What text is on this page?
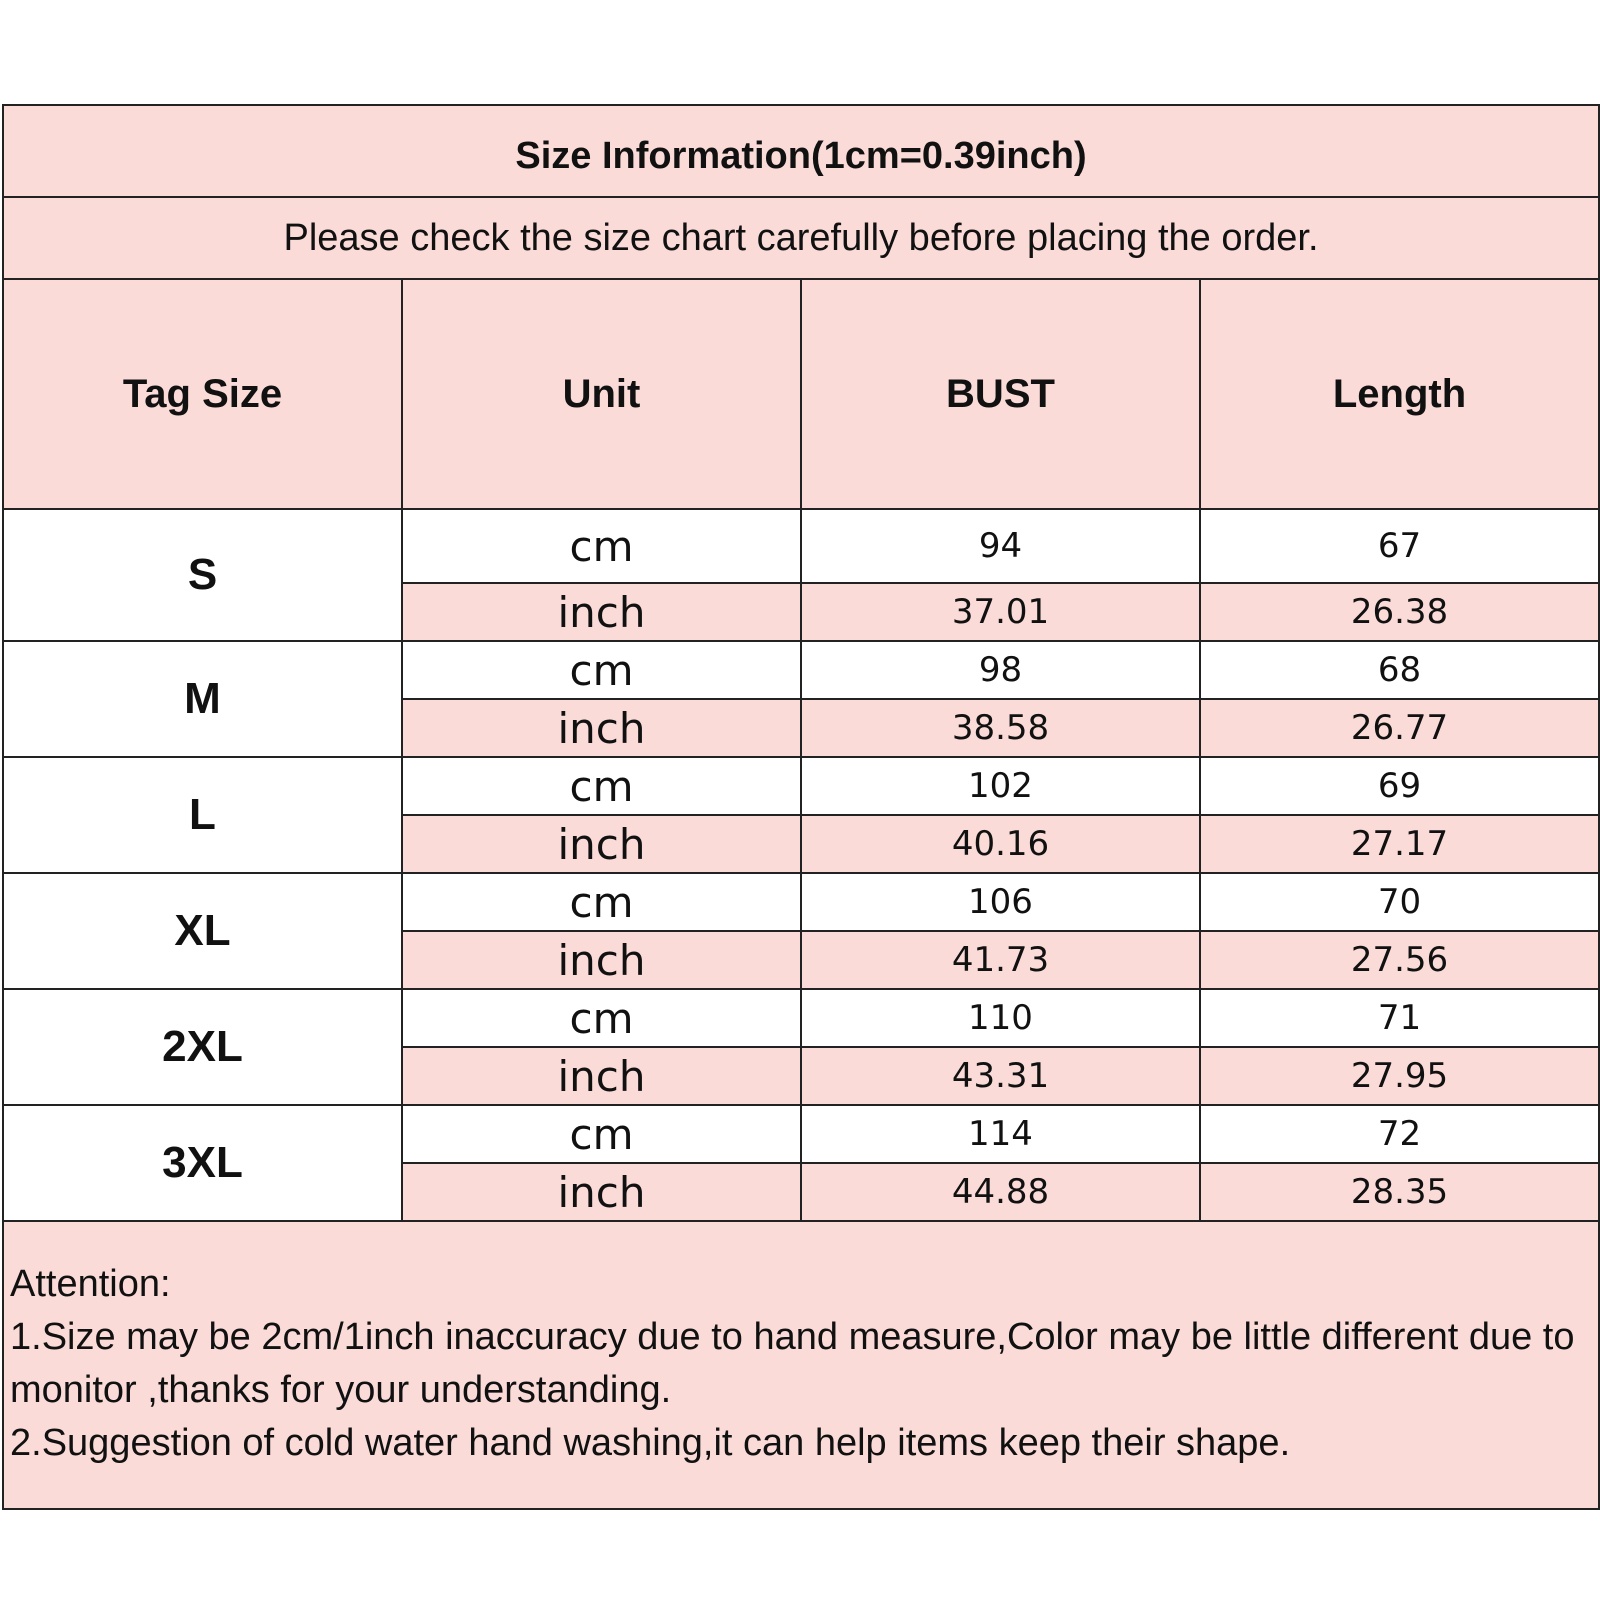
Size Information(1cm=0.39inch)			
Please check the size chart carefully before placing the order.			
Tag Size	Unit	BUST	Length
S	cm	94	67
	inch	37.01	26.38
M	cm	98	68
	inch	38.58	26.77
L	cm	102	69
	inch	40.16	27.17
XL	cm	106	70
	inch	41.73	27.56
2XL	cm	110	71
	inch	43.31	27.95
3XL	cm	114	72
	inch	44.88	28.35

Attention:

1.Size may be 2cm/1inch inaccuracy due to hand measure,Color may be little different due to monitor ,thanks for your understanding.

2.Suggestion of cold water hand washing,it can help items keep their shape.			
